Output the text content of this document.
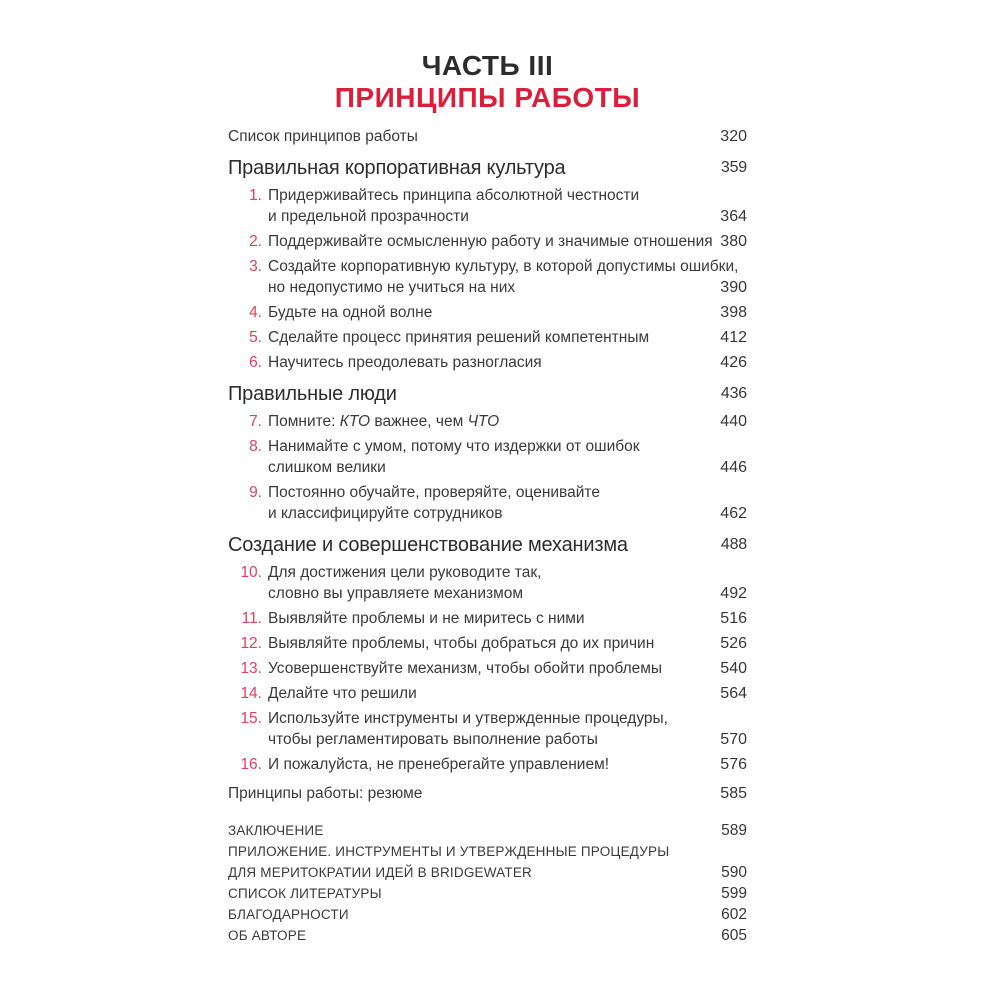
ЧАСТЬ III
ПРИНЦИПЫ РАБОТЫ
Список принципов работы	320
Правильная корпоративная культура	359
1. Придерживайтесь принципа абсолютной честности
и предельной прозрачности	364
2. Поддерживайте осмысленную работу и значимые отношения 380
3. Создайте корпоративную культуру, в которой допустимы ошибки,
но недопустимо не учиться на них	390
4. Будьте на одной волне	398
5. Сделайте процесс принятия решений компетентным	412
6. Научитесь преодолевать разногласия	426
Правильные люди	436
7. Помните: КТО важнее, чем ЧТО	440
8. Нанимайте с умом, потому что издержки от ошибок
слишком велики	446
9. Постоянно обучайте, проверяйте, оценивайте
и классифицируйте сотрудников	462
Создание и совершенствование механизма	488
10. Для достижения цели руководите так,
словно вы управляете механизмом	492
11. Выявляйте проблемы и не миритесь с ними	516
12. Выявляйте проблемы, чтобы добраться до их причин	526
13. Усовершенствуйте механизм, чтобы обойти проблемы	540
14. Делайте что решили	564
15. Используйте инструменты и утвержденные процедуры,
чтобы регламентировать выполнение работы	570
16. И пожалуйста, не пренебрегайте управлением!	576
Принципы работы: резюме	585
ЗАКЛЮЧЕНИЕ	589
ПРИЛОЖЕНИЕ. ИНСТРУМЕНТЫ И УТВЕРЖДЕННЫЕ ПРОЦЕДУРЫ
ДЛЯ МЕРИТОКРАТИИ ИДЕЙ В BRIDGEWATER	590
СПИСОК ЛИТЕРАТУРЫ	599
БЛАГОДАРНОСТИ	602
ОБ АВТОРЕ	605
